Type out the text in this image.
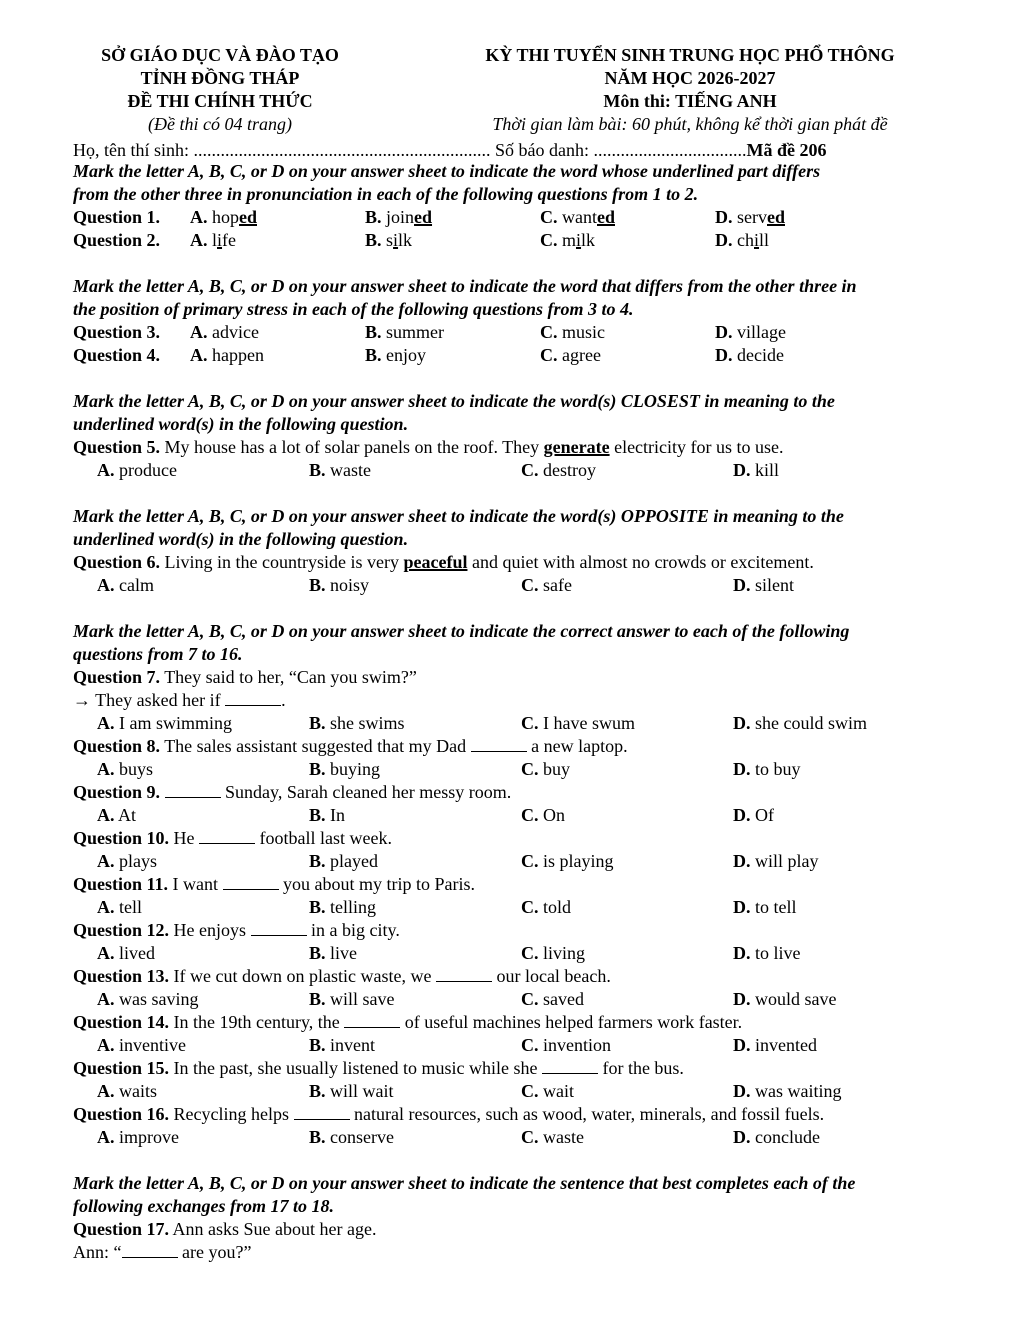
SỞ GIÁO DỤC VÀ ĐÀO TẠO
TỈNH ĐỒNG THÁP
ĐỀ THI CHÍNH THỨC
(Đề thi có 04 trang)
KỲ THI TUYỂN SINH TRUNG HỌC PHỔ THÔNG
NĂM HỌC 2026-2027
Môn thi: TIẾNG ANH
Thời gian làm bài: 60 phút, không kể thời gian phát đề
Họ, tên thí sinh: .................................................................. Số báo danh: ..................................Mã đề 206

Mark the letter A, B, C, or D on your answer sheet to indicate the word whose underlined part differs
from the other three in pronunciation in each of the following questions from 1 to 2.

Question 1. A. hoped	B. joined	C. wanted	D. served
Question 2. A. life	B. silk	C. milk	D. chill

Mark the letter A, B, C, or D on your answer sheet to indicate the word that differs from the other three in
the position of primary stress in each of the following questions from 3 to 4.

Question 3. A. advice	B. summer	C. music	D. village
Question 4. A. happen	B. enjoy	C. agree	D. decide

Mark the letter A, B, C, or D on your answer sheet to indicate the word(s) CLOSEST in meaning to the
underlined word(s) in the following question.

Question 5. My house has a lot of solar panels on the roof. They generate electricity for us to use.
A. produce	B. waste	C. destroy	D. kill

Mark the letter A, B, C, or D on your answer sheet to indicate the word(s) OPPOSITE in meaning to the
underlined word(s) in the following question.

Question 6. Living in the countryside is very peaceful and quiet with almost no crowds or excitement.
A. calm	B. noisy	C. safe	D. silent

Mark the letter A, B, C, or D on your answer sheet to indicate the correct answer to each of the following
questions from 7 to 16.

Question 7. They said to her, “Can you swim?”
→ They asked her if	.
A. I am swimming	B. she swims	C. I have swum	D. she could swim
Question 8. The sales assistant suggested that my Dad	a new laptop.
A. buys	B. buying	C. buy	D. to buy
Question 9.	Sunday, Sarah cleaned her messy room.
A. At	B. In	C. On	D. Of
Question 10. He	football last week.
A. plays	B. played	C. is playing	D. will play
Question 11. I want	you about my trip to Paris.
A. tell	B. telling	C. told	D. to tell
Question 12. He enjoys	in a big city.
A. lived	B. live	C. living	D. to live
Question 13. If we cut down on plastic waste, we	our local beach.
A. was saving	B. will save	C. saved	D. would save
Question 14. In the 19th century, the	of useful machines helped farmers work faster.
A. inventive	B. invent	C. invention	D. invented
Question 15. In the past, she usually listened to music while she	for the bus.
A. waits	B. will wait	C. wait	D. was waiting
Question 16. Recycling helps	natural resources, such as wood, water, minerals, and fossil fuels.
A. improve	B. conserve	C. waste	D. conclude

Mark the letter A, B, C, or D on your answer sheet to indicate the sentence that best completes each of the
following exchanges from 17 to 18.

Question 17. Ann asks Sue about her age.
Ann: “	are you?”
